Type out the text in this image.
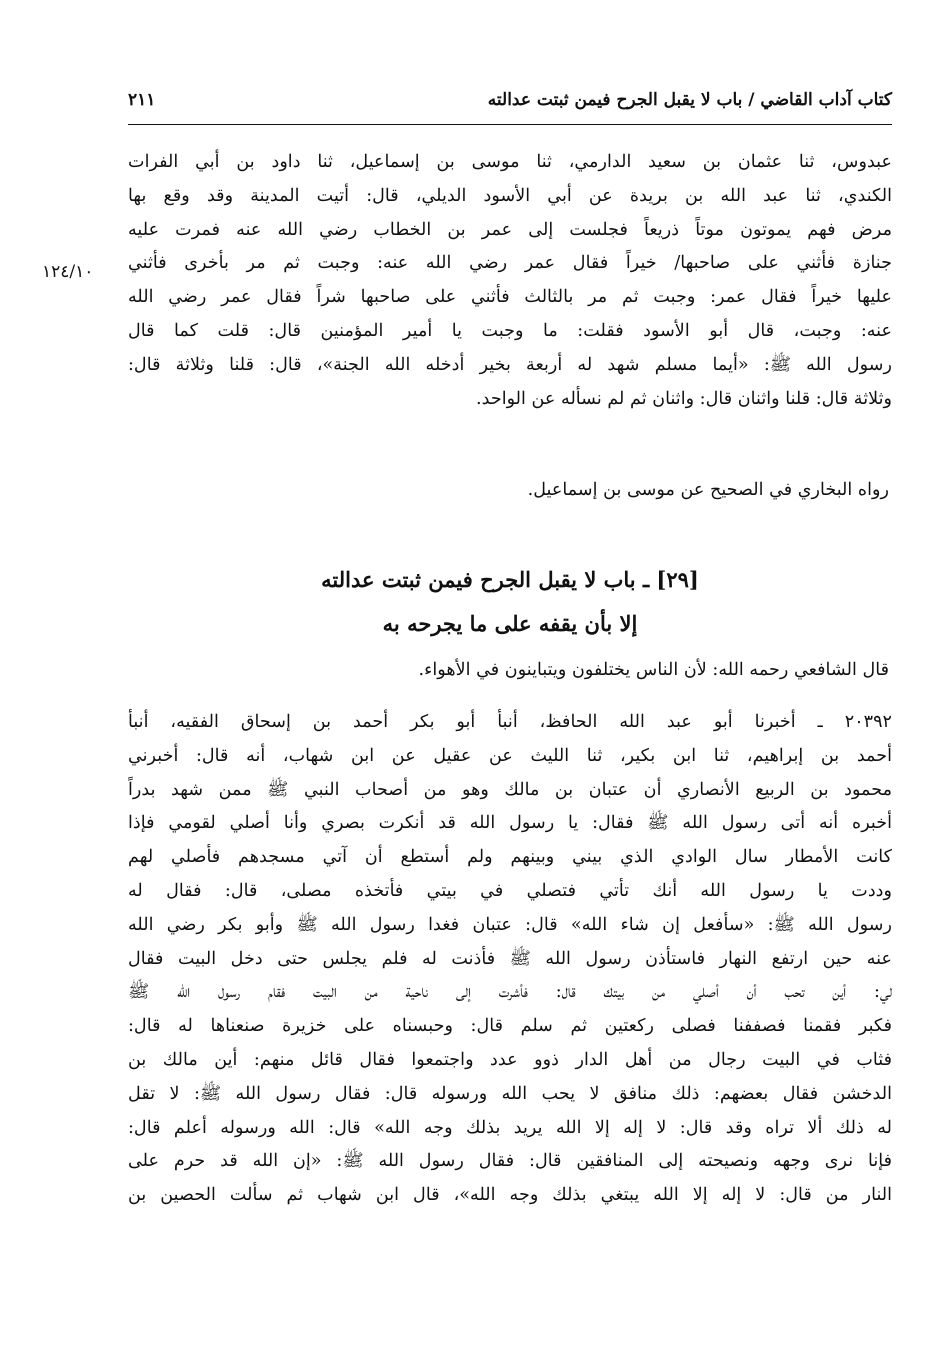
كتاب آداب القاضي / باب لا يقبل الجرح فيمن ثبتت عدالته
٢١١
عبدوس، ثنا عثمان بن سعيد الدارمي، ثنا موسى بن إسماعيل، ثنا داود بن أبي الفرات
الكندي، ثنا عبد الله بن بريدة عن أبي الأسود الديلي، قال: أتيت المدينة وقد وقع بها
مرض فهم يموتون موتاً ذريعاً فجلست إلى عمر بن الخطاب رضي الله عنه فمرت عليه
جنازة فأثني على صاحبها/ خيراً فقال عمر رضي الله عنه: وجبت ثم مر بأخرى فأثني
عليها خيراً فقال عمر: وجبت ثم مر بالثالث فأثني على صاحبها شراً فقال عمر رضي الله
عنه: وجبت، قال أبو الأسود فقلت: ما وجبت يا أمير المؤمنين قال: قلت كما قال
رسول الله ﷺ: «أيما مسلم شهد له أربعة بخير أدخله الله الجنة»، قال: قلنا وثلاثة قال:
وثلاثة قال: قلنا واثنان قال: واثنان ثم لم نسأله عن الواحد.
١٢٤/١٠
رواه البخاري في الصحيح عن موسى بن إسماعيل.
[٢٩] ـ باب لا يقبل الجرح فيمن ثبتت عدالته
إلا بأن يقفه على ما يجرحه به
قال الشافعي رحمه الله: لأن الناس يختلفون ويتباينون في الأهواء.
٢٠٣٩٢ ـ أخبرنا أبو عبد الله الحافظ، أنبأ أبو بكر أحمد بن إسحاق الفقيه، أنبأ
أحمد بن إبراهيم، ثنا ابن بكير، ثنا الليث عن عقيل عن ابن شهاب، أنه قال: أخبرني
محمود بن الربيع الأنصاري أن عتبان بن مالك وهو من أصحاب النبي ﷺ ممن شهد بدراً
أخبره أنه أتى رسول الله ﷺ فقال: يا رسول الله قد أنكرت بصري وأنا أصلي لقومي فإذا
كانت الأمطار سال الوادي الذي بيني وبينهم ولم أستطع أن آتي مسجدهم فأصلي لهم
وددت يا رسول الله أنك تأتي فتصلي في بيتي فأتخذه مصلى، قال: فقال له
رسول الله ﷺ: «سأفعل إن شاء الله» قال: عتبان فغدا رسول الله ﷺ وأبو بكر رضي الله
عنه حين ارتفع النهار فاستأذن رسول الله ﷺ فأذنت له فلم يجلس حتى دخل البيت فقال
لي: أين تحب أن أصلي من بيتك قال: فأشرت إلى ناحية من البيت فقام رسول الله ﷺ
فكبر فقمنا فصففنا فصلى ركعتين ثم سلم قال: وحبسناه على خزيرة صنعناها له قال:
فثاب في البيت رجال من أهل الدار ذوو عدد واجتمعوا فقال قائل منهم: أين مالك بن
الدخشن فقال بعضهم: ذلك منافق لا يحب الله ورسوله قال: فقال رسول الله ﷺ: لا تقل
له ذلك ألا تراه وقد قال: لا إله إلا الله يريد بذلك وجه الله» قال: الله ورسوله أعلم قال:
فإنا نرى وجهه ونصيحته إلى المنافقين قال: فقال رسول الله ﷺ: «إن الله قد حرم على
النار من قال: لا إله إلا الله يبتغي بذلك وجه الله»، قال ابن شهاب ثم سألت الحصين بن
